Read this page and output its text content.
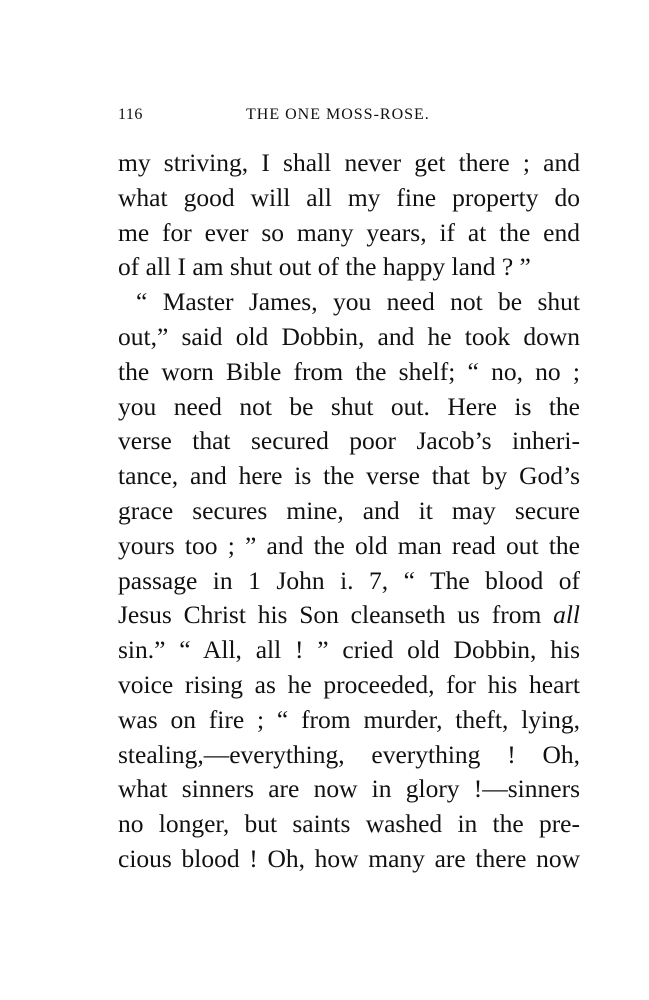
116	THE ONE MOSS-ROSE.
my striving, I shall never get there ; and
what good will all my fine property do
me for ever so many years, if at the end
of all I am shut out of the happy land ? ”
“ Master James, you need not be shut
out,” said old Dobbin, and he took down
the worn Bible from the shelf; “ no, no ;
you need not be shut out. Here is the
verse that secured poor Jacob’s inheri-
tance, and here is the verse that by God’s
grace secures mine, and it may secure
yours too ; ” and the old man read out the
passage in 1 John i. 7, “ The blood of
Jesus Christ his Son cleanseth us from all
sin.” “ All, all ! ” cried old Dobbin, his
voice rising as he proceeded, for his heart
was on fire ; “ from murder, theft, lying,
stealing,—everything, everything ! Oh,
what sinners are now in glory !—sinners
no longer, but saints washed in the pre-
cious blood ! Oh, how many are there now
